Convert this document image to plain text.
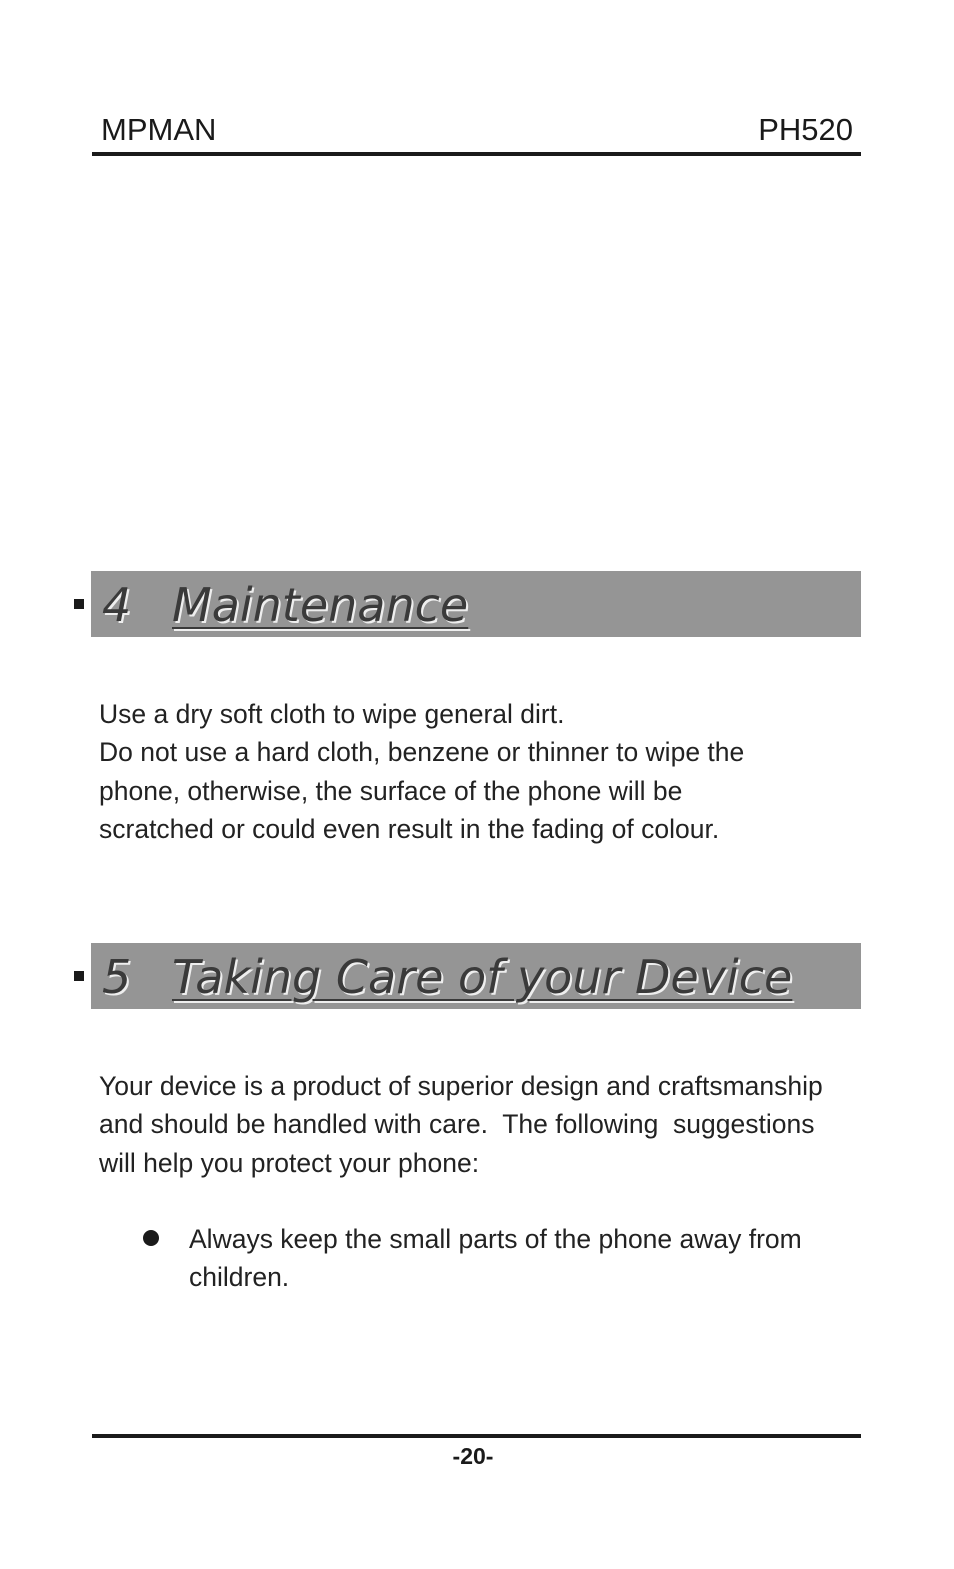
MPMAN	PH520
4 Maintenance

Use a dry soft cloth to wipe general dirt.

Do not use a hard cloth, benzene or thinner to wipe the

phone, otherwise, the surface of the phone will be

scratched or could even result in the fading of colour.

5 Taking Care of your Device

Your device is a product of superior design and craftsmanship

and should be handled with care.  The following  suggestions

will help you protect your phone:

Always keep the small parts of the phone away from children.
-20-
